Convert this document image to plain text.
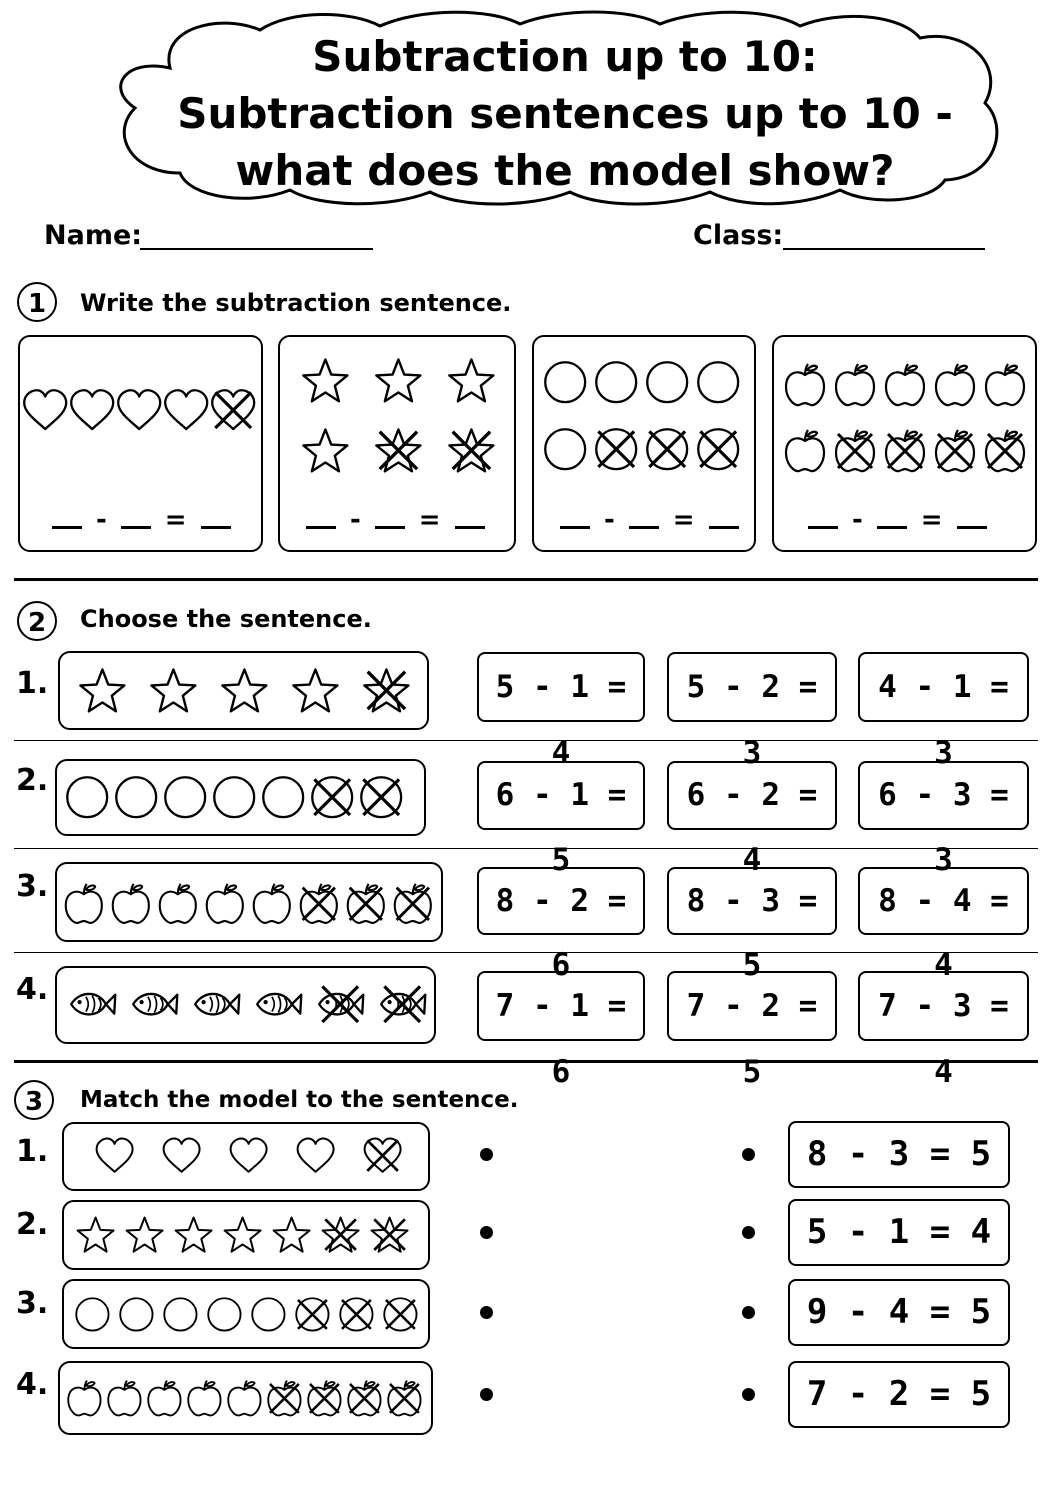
Subtraction up to 10: Subtraction sentences up to 10 - what does the model show?
Name:	Class:
1	Write the subtraction sentence.
- =	- =	- =	- =
2	Choose the sentence.
1.	5 - 1 = 4
5 - 2 = 3
4 - 1 = 3
2.	6 - 1 = 5
6 - 2 = 4
6 - 3 = 3
3.	8 - 2 = 6
8 - 3 = 5
8 - 4 = 4
4.	7 - 1 = 6
7 - 2 = 5
7 - 3 = 4
3	Match the model to the sentence.
1.
2.
3.
4.
8 - 3 = 5
5 - 1 = 4
9 - 4 = 5
7 - 2 = 5
